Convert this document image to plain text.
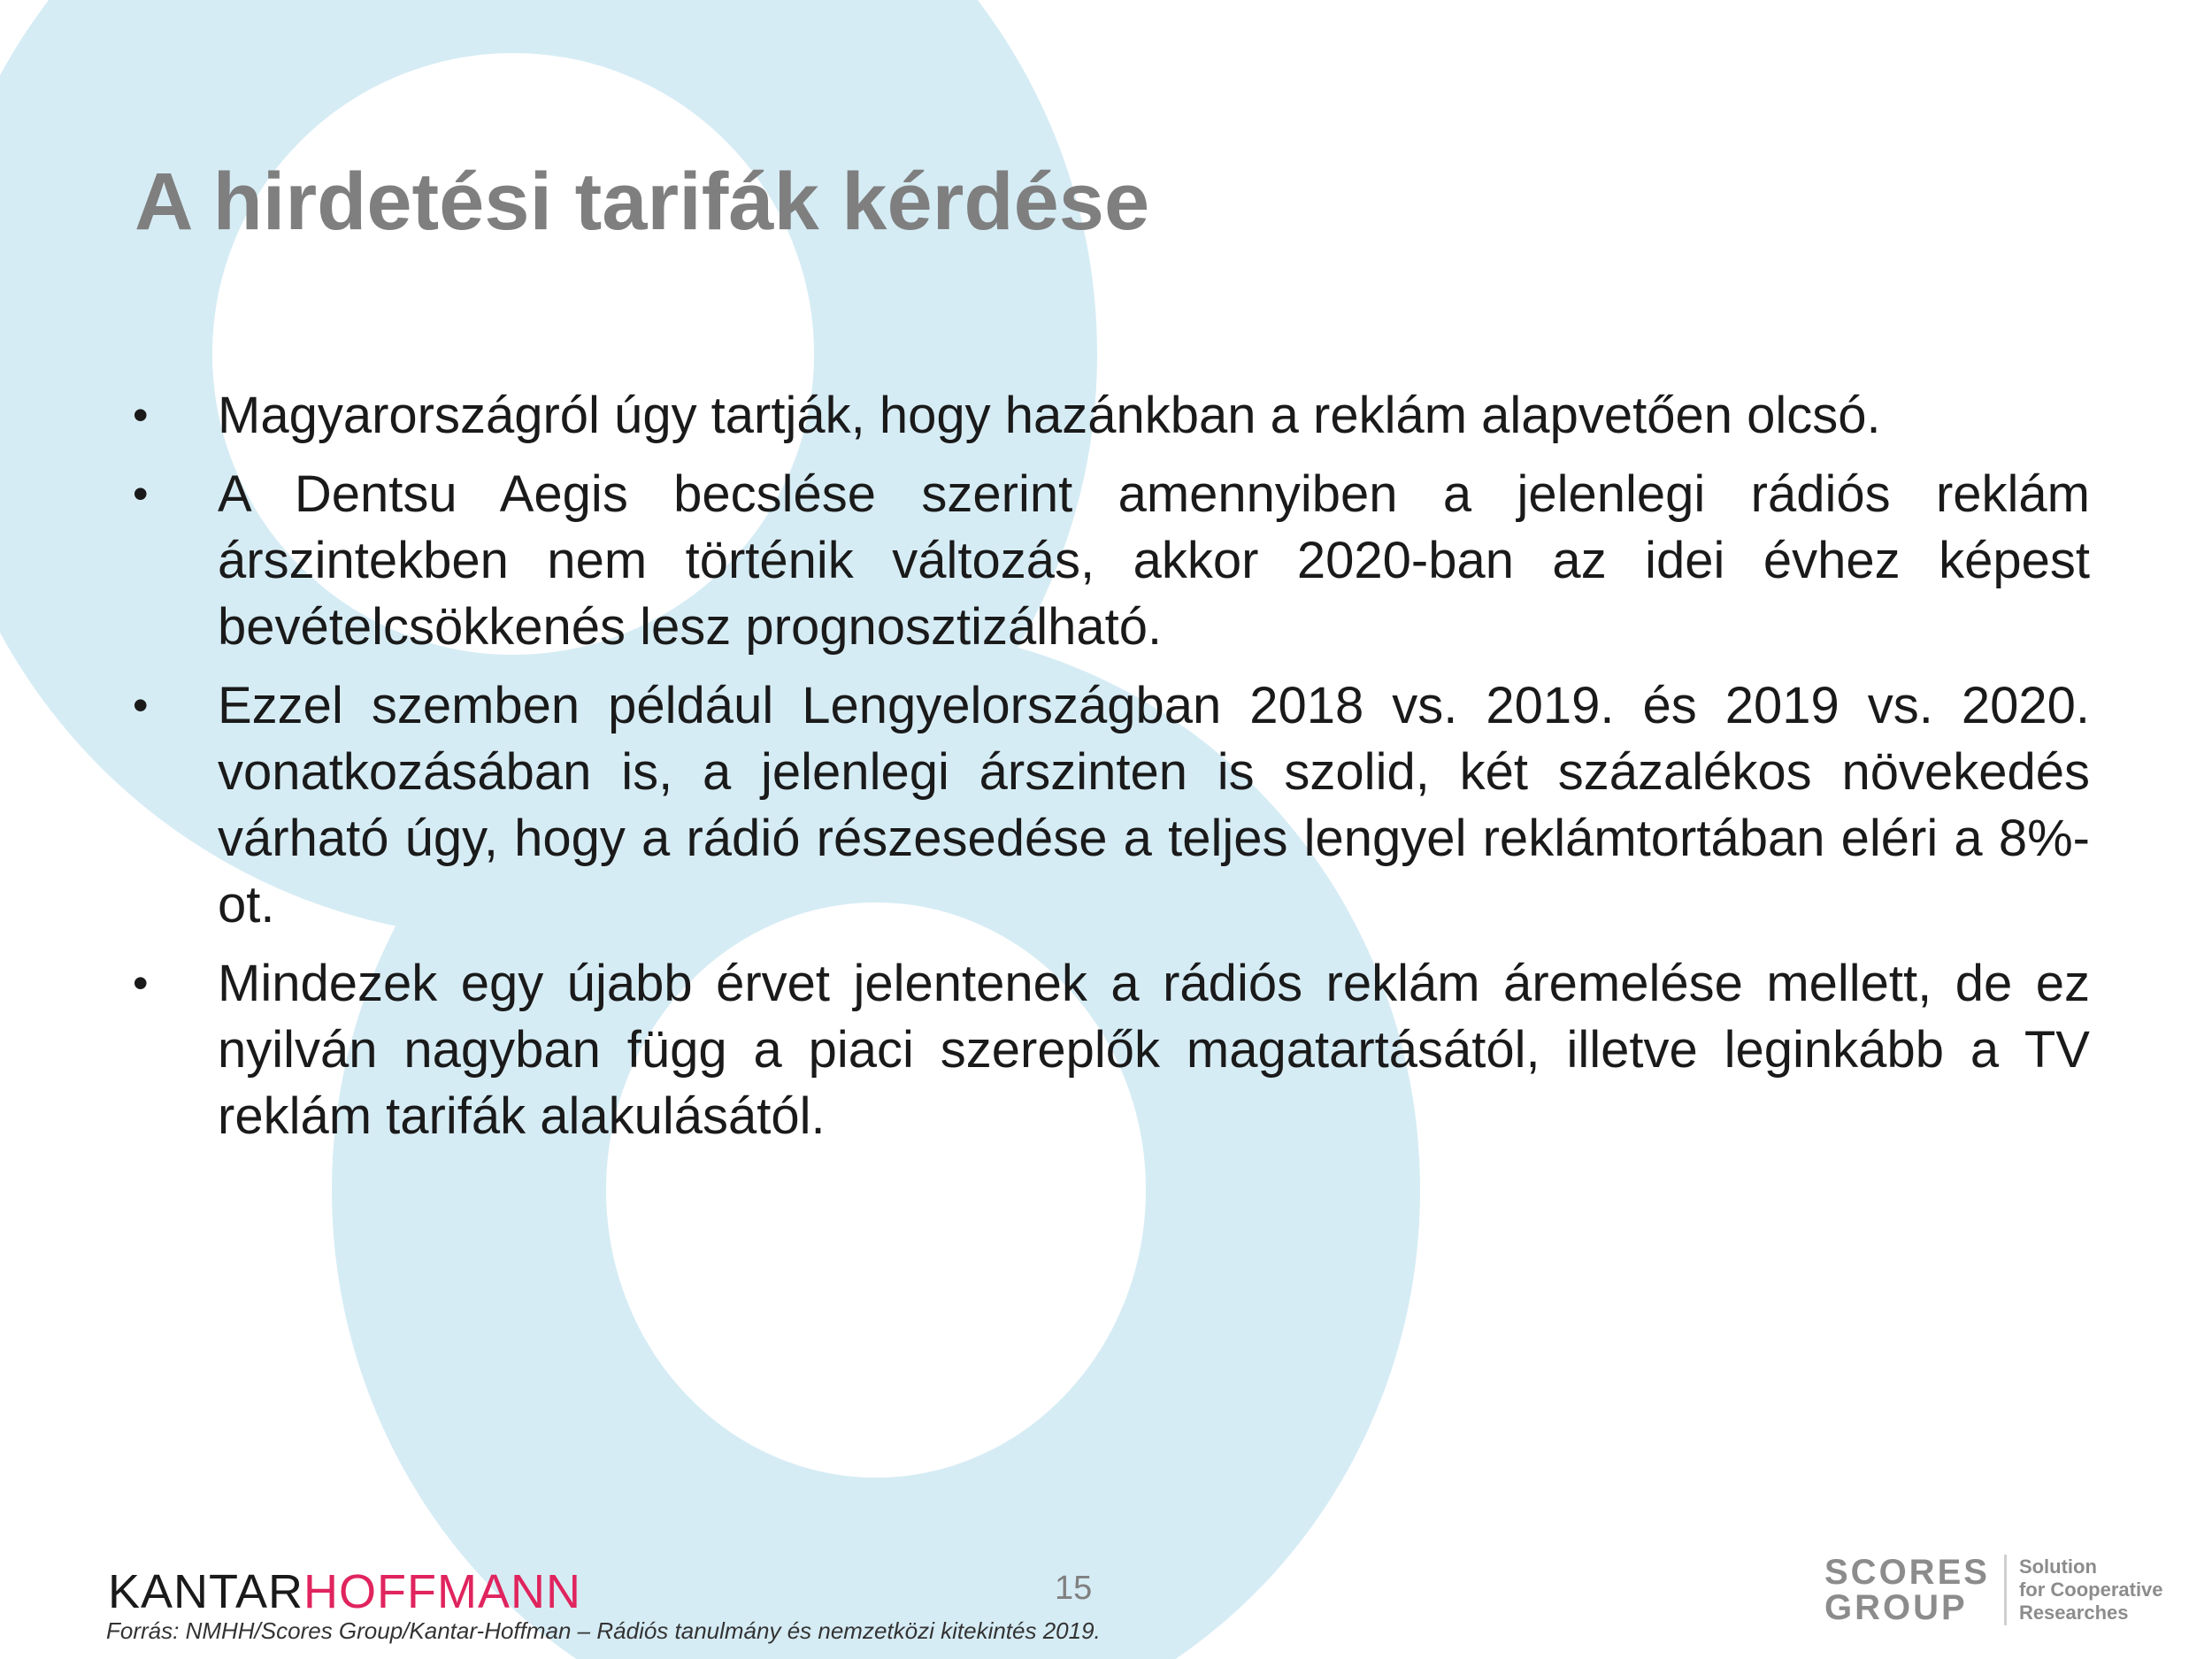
A hirdetési tarifák kérdése
•	Magyarországról úgy tartják, hogy hazánkban a reklám alapvetően olcsó.
•	A Dentsu Aegis becslése szerint amennyiben a jelenlegi rádiós reklám árszintekben nem történik változás, akkor 2020-ban az idei évhez képest bevételcsökkenés lesz prognosztizálható.
•	Ezzel szemben például Lengyelországban 2018 vs. 2019. és 2019 vs. 2020. vonatkozásában is, a jelenlegi árszinten is szolid, két százalékos növekedés várható úgy, hogy a rádió részesedése a teljes lengyel reklámtortában eléri a 8%-ot.
•	Mindezek egy újabb érvet jelentenek a rádiós reklám áremelése mellett, de ez nyilván nagyban függ a piaci szereplők magatartásától, illetve leginkább a TV reklám tarifák alakulásától.
KANTARHOFFMANN
Forrás: NMHH/Scores Group/Kantar-Hoffman – Rádiós tanulmány és nemzetközi kitekintés 2019.
15	SCORES
GROUP
Solution
for Cooperative
Researches
